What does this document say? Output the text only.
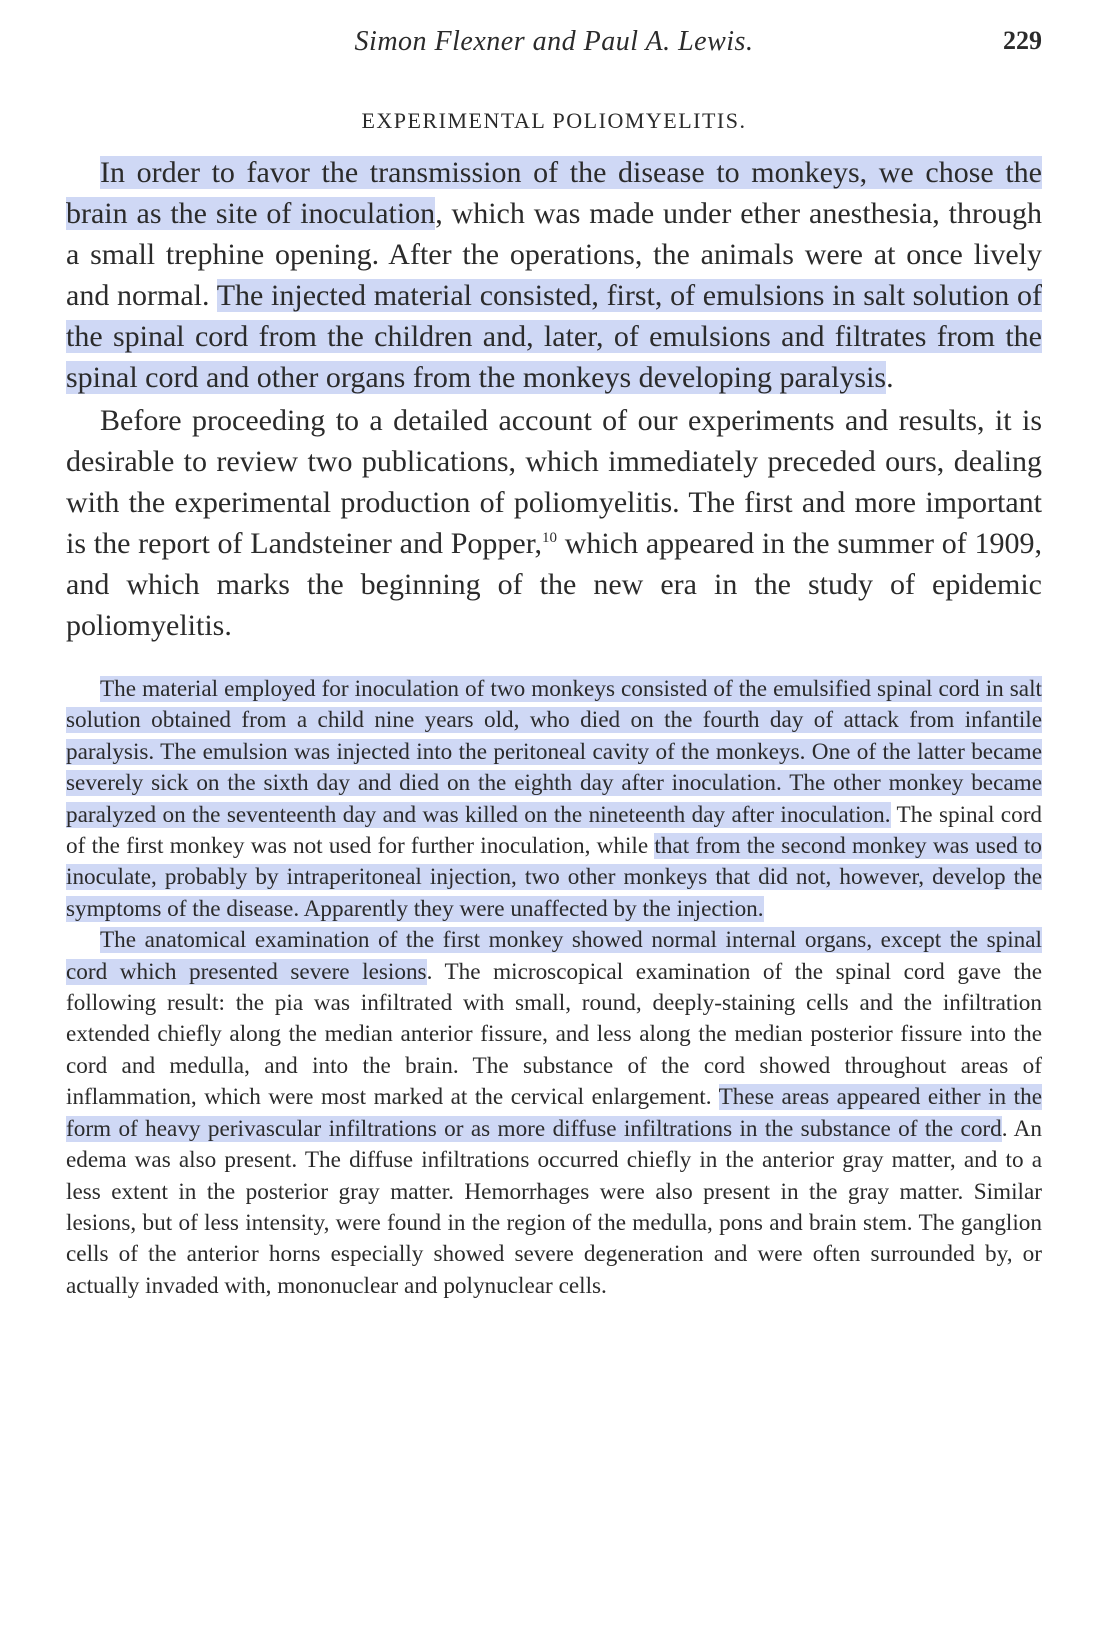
Simon Flexner and Paul A. Lewis.	229
EXPERIMENTAL POLIOMYELITIS.

In order to favor the transmission of the disease to monkeys, we chose the brain as the site of inoculation, which was made under ether anesthesia, through a small trephine opening. After the operations, the animals were at once lively and normal. The injected material consisted, first, of emulsions in salt solution of the spinal cord from the children and, later, of emulsions and filtrates from the spinal cord and other organs from the monkeys developing paralysis.

Before proceeding to a detailed account of our experiments and results, it is desirable to review two publications, which immediately preceded ours, dealing with the experimental production of poliomyelitis. The first and more important is the report of Landsteiner and Popper,$^{10}$ which appeared in the summer of 1909, and which marks the beginning of the new era in the study of epidemic poliomyelitis.

The material employed for inoculation of two monkeys consisted of the emulsified spinal cord in salt solution obtained from a child nine years old, who died on the fourth day of attack from infantile paralysis. The emulsion was injected into the peritoneal cavity of the monkeys. One of the latter became severely sick on the sixth day and died on the eighth day after inoculation. The other monkey became paralyzed on the seventeenth day and was killed on the nineteenth day after inoculation. The spinal cord of the first monkey was not used for further inoculation, while that from the second monkey was used to inoculate, probably by intraperitoneal injection, two other monkeys that did not, however, develop the symptoms of the disease. Apparently they were unaffected by the injection.

The anatomical examination of the first monkey showed normal internal organs, except the spinal cord which presented severe lesions. The microscopical examination of the spinal cord gave the following result: the pia was infiltrated with small, round, deeply-staining cells and the infiltration extended chiefly along the median anterior fissure, and less along the median posterior fissure into the cord and medulla, and into the brain. The substance of the cord showed throughout areas of inflammation, which were most marked at the cervical enlargement. These areas appeared either in the form of heavy perivascular infiltrations or as more diffuse infiltrations in the substance of the cord. An edema was also present. The diffuse infiltrations occurred chiefly in the anterior gray matter, and to a less extent in the posterior gray matter. Hemorrhages were also present in the gray matter. Similar lesions, but of less intensity, were found in the region of the medulla, pons and brain stem. The ganglion cells of the anterior horns especially showed severe degeneration and were often surrounded by, or actually invaded with, mononuclear and polynuclear cells.
